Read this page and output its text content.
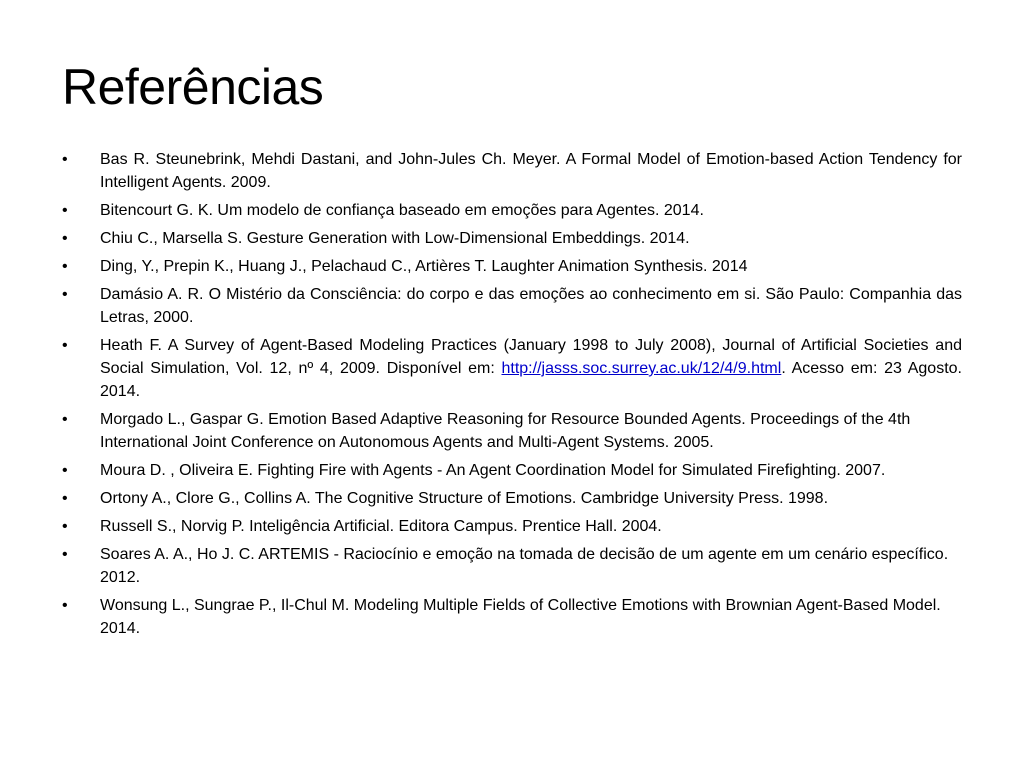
Referências
•	Bas R. Steunebrink, Mehdi Dastani, and John-Jules Ch. Meyer. A Formal Model of Emotion-based Action Tendency for Intelligent Agents. 2009.
•	Bitencourt G. K. Um modelo de confiança baseado em emoções para Agentes. 2014.
•	Chiu C., Marsella S. Gesture Generation with Low-Dimensional Embeddings. 2014.
•	Ding, Y., Prepin K., Huang J., Pelachaud C., Artières T. Laughter Animation Synthesis. 2014
•	Damásio A. R. O Mistério da Consciência: do corpo e das emoções ao conhecimento em si. São Paulo: Companhia das Letras, 2000.
•	Heath F. A Survey of Agent-Based Modeling Practices (January 1998 to July 2008), Journal of Artificial Societies and Social Simulation, Vol. 12, nº 4, 2009. Disponível em: http://jasss.soc.surrey.ac.uk/12/4/9.html. Acesso em: 23 Agosto. 2014.
•	Morgado L., Gaspar G. Emotion Based Adaptive Reasoning for Resource Bounded Agents. Proceedings of the 4th International Joint Conference on Autonomous Agents and Multi-Agent Systems. 2005.
•	Moura D. , Oliveira E. Fighting Fire with Agents - An Agent Coordination Model for Simulated Firefighting. 2007.
•	Ortony A., Clore G., Collins A. The Cognitive Structure of Emotions. Cambridge University Press. 1998.
•	Russell S., Norvig P. Inteligência Artificial. Editora Campus. Prentice Hall. 2004.
•	Soares A. A., Ho J. C. ARTEMIS - Raciocínio e emoção na tomada de decisão de um agente em um cenário específico. 2012.
•	Wonsung L., Sungrae P., Il-Chul M. Modeling Multiple Fields of Collective Emotions with Brownian Agent-Based Model. 2014.
